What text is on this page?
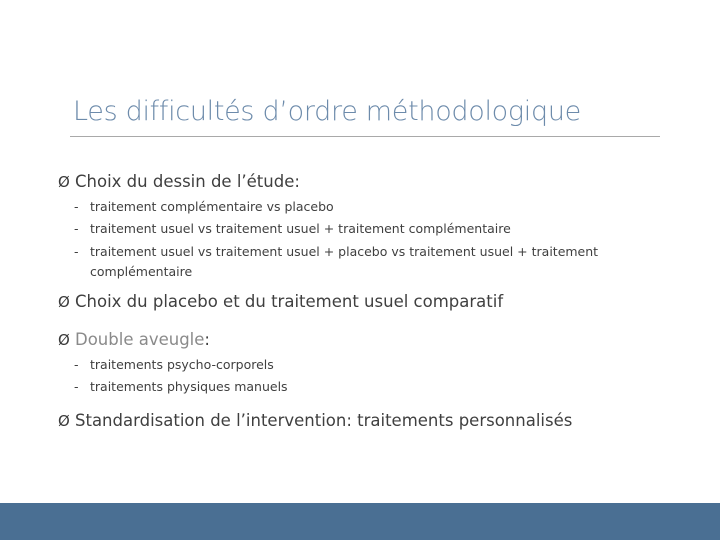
Les difficultés d’ordre méthodologique
Ø Choix du dessin de l’étude:
- traitement complémentaire vs placebo
- traitement usuel vs traitement usuel + traitement complémentaire
- traitement usuel vs traitement usuel + placebo vs traitement usuel + traitement complémentaire
Ø Choix du placebo et du traitement usuel comparatif
Ø Double aveugle :
- traitements psycho-corporels
- traitements physiques manuels
Ø Standardisation de l’intervention: traitements personnalisés
